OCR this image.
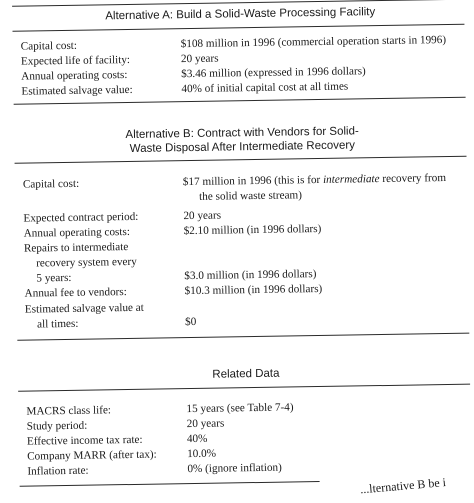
Alternative A: Build a Solid-Waste Processing Facility
Capital cost:	$108 million in 1996 (commercial operation starts in 1996)
Expected life of facility:	20 years
Annual operating costs:	$3.46 million (expressed in 1996 dollars)
Estimated salvage value:	40% of initial capital cost at all times
Alternative B: Contract with Vendors for Solid-
Waste Disposal After Intermediate Recovery
Capital cost:	$17 million in 1996 (this is for intermediate recovery from
the solid waste stream)
Expected contract period:	20 years
Annual operating costs:	$2.10 million (in 1996 dollars)
Repairs to intermediate
recovery system every
5 years:	$3.0 million (in 1996 dollars)
Annual fee to vendors:	$10.3 million (in 1996 dollars)
Estimated salvage value at
all times:	$0
Related Data
MACRS class life:	15 years (see Table 7-4)
Study period:	20 years
Effective income tax rate:	40%
Company MARR (after tax):	10.0%
Inflation rate:	0% (ignore inflation)
...lternative B be i
